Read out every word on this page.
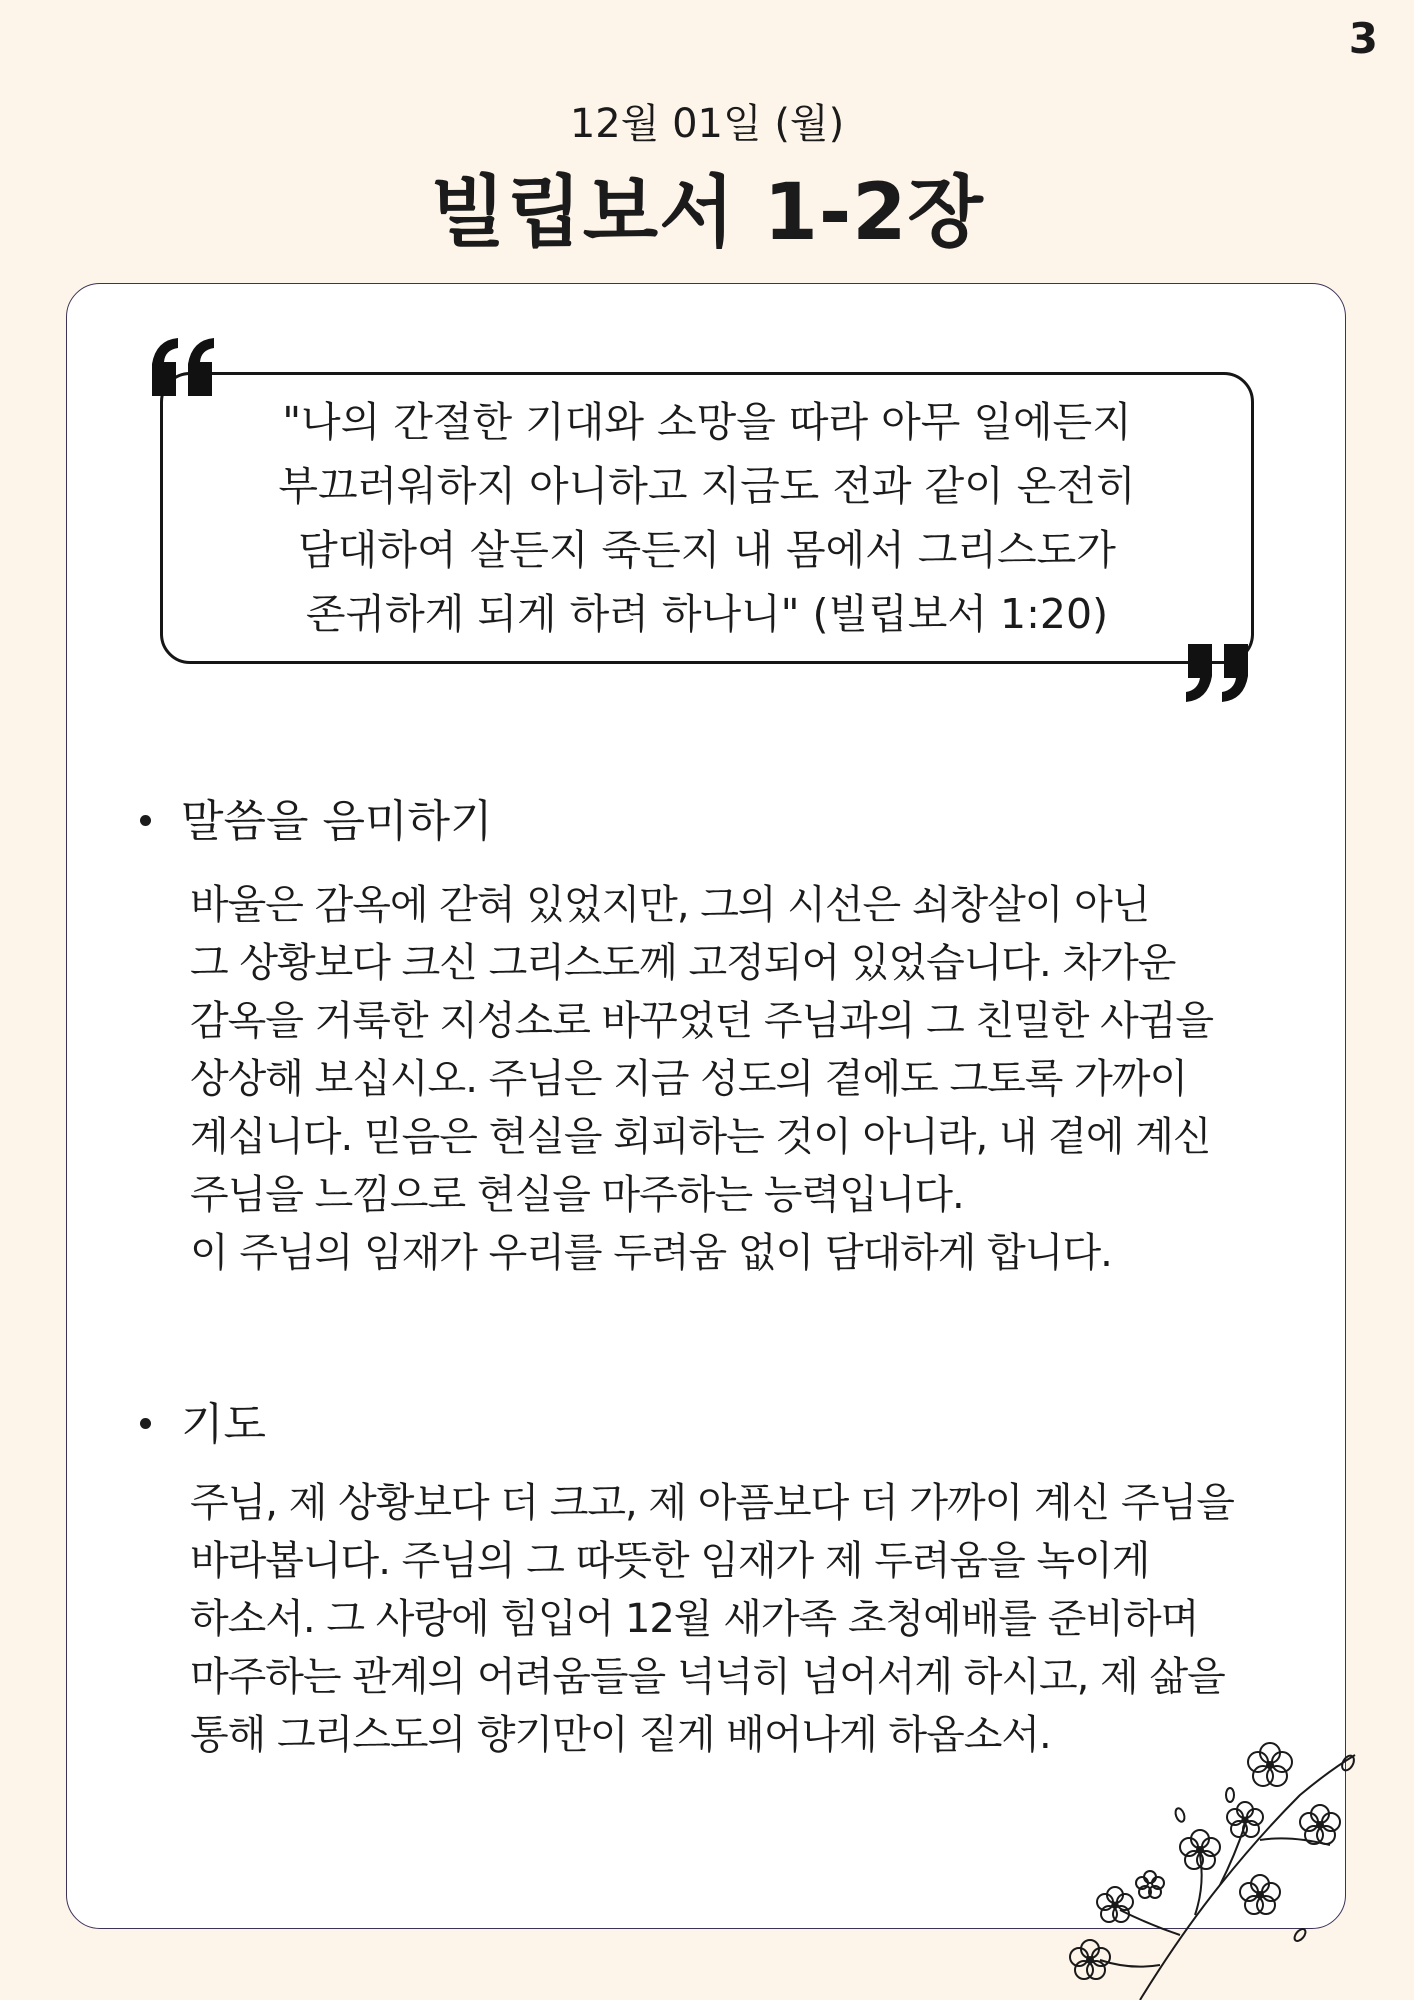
3
12월 01일 (월)
빌립보서 1-2장
"나의 간절한 기대와 소망을 따라 아무 일에든지
부끄러워하지 아니하고 지금도 전과 같이 온전히
담대하여 살든지 죽든지 내 몸에서 그리스도가
존귀하게 되게 하려 하나니" (빌립보서 1:20)
말씀을 음미하기
바울은 감옥에 갇혀 있었지만, 그의 시선은 쇠창살이 아닌
그 상황보다 크신 그리스도께 고정되어 있었습니다. 차가운
감옥을 거룩한 지성소로 바꾸었던 주님과의 그 친밀한 사귐을
상상해 보십시오. 주님은 지금 성도의 곁에도 그토록 가까이
계십니다. 믿음은 현실을 회피하는 것이 아니라, 내 곁에 계신
주님을 느낌으로 현실을 마주하는 능력입니다.
이 주님의 임재가 우리를 두려움 없이 담대하게 합니다.
기도
주님, 제 상황보다 더 크고, 제 아픔보다 더 가까이 계신 주님을
바라봅니다. 주님의 그 따뜻한 임재가 제 두려움을 녹이게
하소서. 그 사랑에 힘입어 12월 새가족 초청예배를 준비하며
마주하는 관계의 어려움들을 넉넉히 넘어서게 하시고, 제 삶을
통해 그리스도의 향기만이 짙게 배어나게 하옵소서.
